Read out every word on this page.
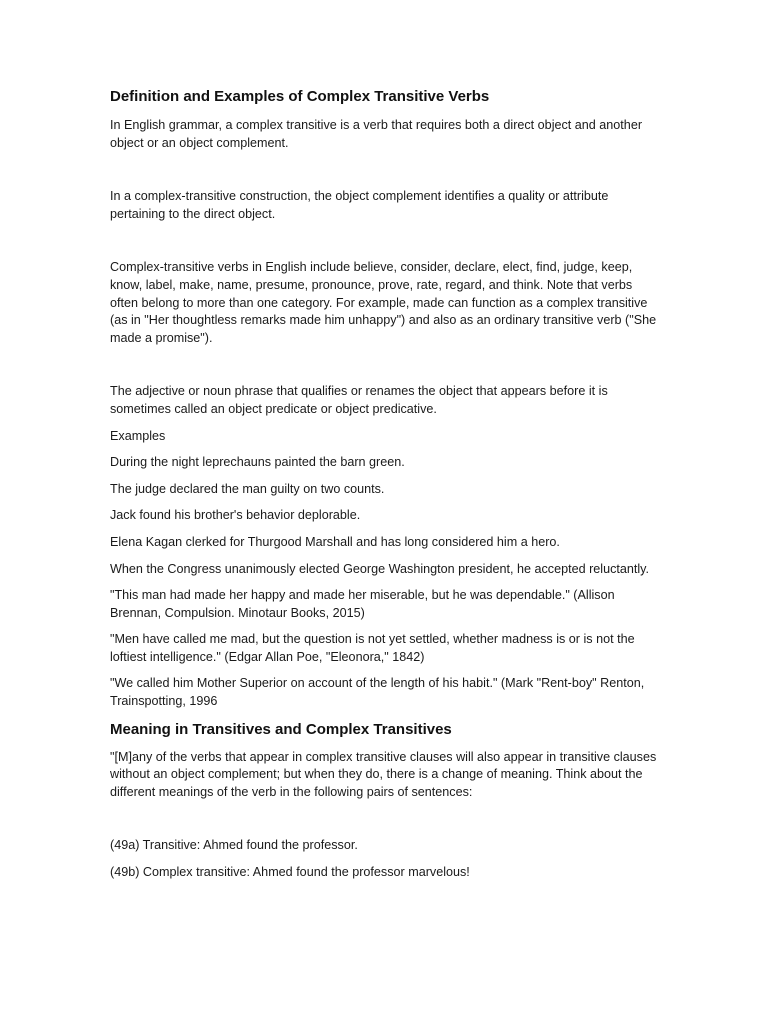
Definition and Examples of Complex Transitive Verbs

In English grammar, a complex transitive is a verb that requires both a direct object and another object or an object complement.

In a complex-transitive construction, the object complement identifies a quality or attribute pertaining to the direct object.

Complex-transitive verbs in English include believe, consider, declare, elect, find, judge, keep, know, label, make, name, presume, pronounce, prove, rate, regard, and think. Note that verbs often belong to more than one category. For example, made can function as a complex transitive (as in "Her thoughtless remarks made him unhappy") and also as an ordinary transitive verb ("She made a promise").

The adjective or noun phrase that qualifies or renames the object that appears before it is sometimes called an object predicate or object predicative.

Examples

During the night leprechauns painted the barn green.

The judge declared the man guilty on two counts.

Jack found his brother's behavior deplorable.

Elena Kagan clerked for Thurgood Marshall and has long considered him a hero.

When the Congress unanimously elected George Washington president, he accepted reluctantly.

"This man had made her happy and made her miserable, but he was dependable." (Allison Brennan, Compulsion. Minotaur Books, 2015)

"Men have called me mad, but the question is not yet settled, whether madness is or is not the loftiest intelligence." (Edgar Allan Poe, "Eleonora," 1842)

"We called him Mother Superior on account of the length of his habit." (Mark "Rent-boy" Renton, Trainspotting, 1996

Meaning in Transitives and Complex Transitives

"[M]any of the verbs that appear in complex transitive clauses will also appear in transitive clauses without an object complement; but when they do, there is a change of meaning. Think about the different meanings of the verb in the following pairs of sentences:

(49a) Transitive: Ahmed found the professor.

(49b) Complex transitive: Ahmed found the professor marvelous!
